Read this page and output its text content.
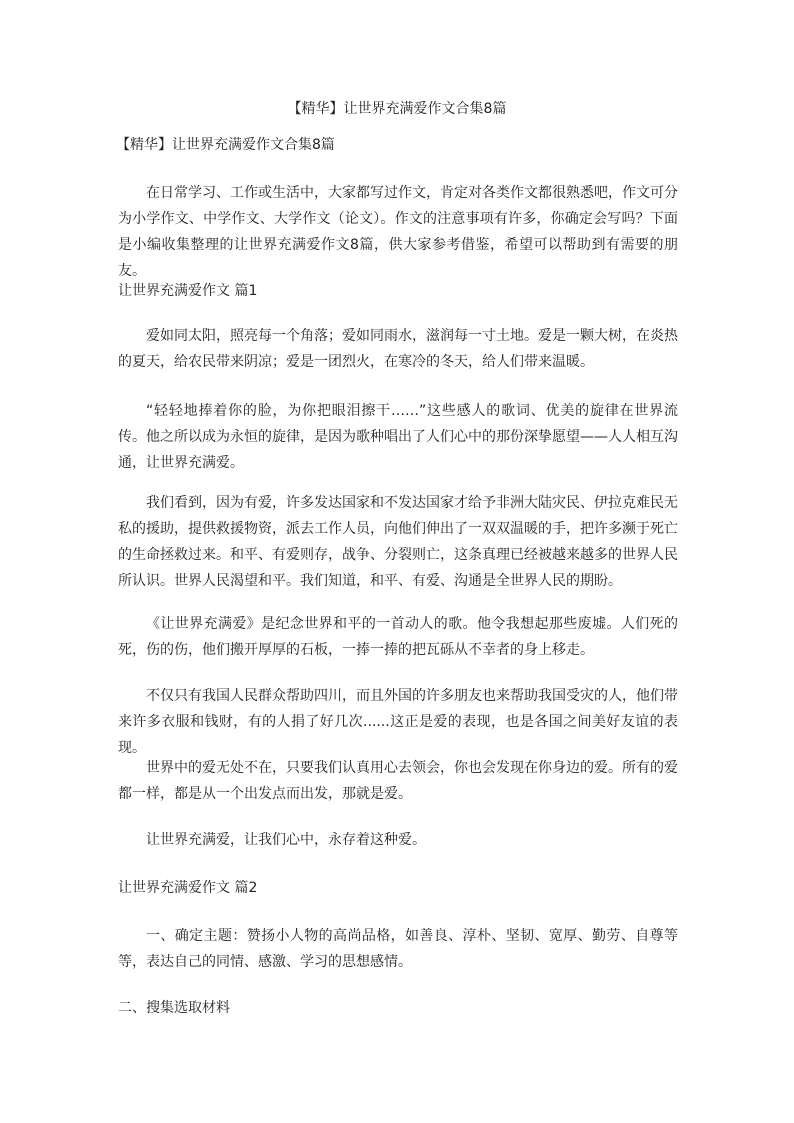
【精华】让世界充满爱作文合集8篇

【精华】让世界充满爱作文合集8篇

在日常学习、工作或生活中，大家都写过作文，肯定对各类作文都很熟悉吧，作文可分为小学作文、中学作文、大学作文（论文）。作文的注意事项有许多，你确定会写吗？下面是小编收集整理的让世界充满爱作文8篇，供大家参考借鉴，希望可以帮助到有需要的朋友。

让世界充满爱作文 篇1

爱如同太阳，照亮每一个角落；爱如同雨水，滋润每一寸土地。爱是一颗大树，在炎热的夏天，给农民带来阴凉；爱是一团烈火，在寒冷的冬天，给人们带来温暖。

“轻轻地捧着你的脸，为你把眼泪擦干……”这些感人的歌词、优美的旋律在世界流传。他之所以成为永恒的旋律，是因为歌种唱出了人们心中的那份深挚愿望——人人相互沟通，让世界充满爱。

我们看到，因为有爱，许多发达国家和不发达国家才给予非洲大陆灾民、伊拉克难民无私的援助，提供救援物资，派去工作人员，向他们伸出了一双双温暖的手，把许多濒于死亡的生命拯救过来。和平、有爱则存，战争、分裂则亡，这条真理已经被越来越多的世界人民所认识。世界人民渴望和平。我们知道，和平、有爱、沟通是全世界人民的期盼。

《让世界充满爱》是纪念世界和平的一首动人的歌。他令我想起那些废墟。人们死的死，伤的伤，他们搬开厚厚的石板，一捧一捧的把瓦砾从不幸者的身上移走。

不仅只有我国人民群众帮助四川，而且外国的许多朋友也来帮助我国受灾的人，他们带来许多衣服和钱财，有的人捐了好几次......这正是爱的表现，也是各国之间美好友谊的表现。

世界中的爱无处不在，只要我们认真用心去领会，你也会发现在你身边的爱。所有的爱都一样，都是从一个出发点而出发，那就是爱。

让世界充满爱，让我们心中，永存着这种爱。

让世界充满爱作文 篇2

一、确定主题：赞扬小人物的高尚品格，如善良、淳朴、坚韧、宽厚、勤劳、自尊等等，表达自己的同情、感激、学习的思想感情。

二、搜集选取材料
